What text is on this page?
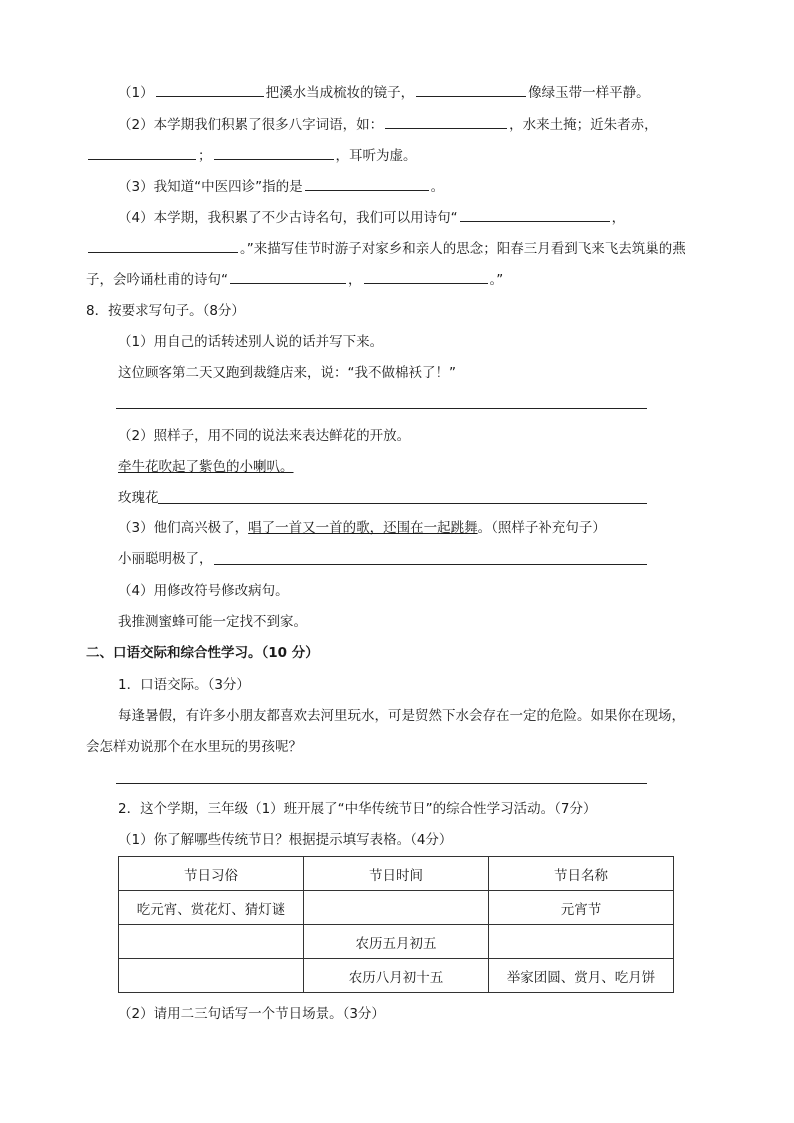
（1）	把溪水当成梳妆的镜子，	像绿玉带一样平静。
（2）本学期我们积累了很多八字词语，如：	，水来土掩；近朱者赤，
；	，耳听为虚。
（3）我知道“中医四诊”指的是	。
（4）本学期，我积累了不少古诗名句，我们可以用诗句“	，
。”来描写佳节时游子对家乡和亲人的思念；阳春三月看到飞来飞去筑巢的燕
子，会吟诵杜甫的诗句“	，	。”
8．按要求写句子。（8分）
（1）用自己的话转述别人说的话并写下来。
这位顾客第二天又跑到裁缝店来，说：“我不做棉袄了！”
（2）照样子，用不同的说法来表达鲜花的开放。
牵牛花吹起了紫色的小喇叭。
玫瑰花
（3）他们高兴极了，唱了一首又一首的歌，还围在一起跳舞。（照样子补充句子）
小丽聪明极了，
（4）用修改符号修改病句。
我推测蜜蜂可能一定找不到家。
二、口语交际和综合性学习。（10 分）
1．口语交际。（3分）
每逢暑假，有许多小朋友都喜欢去河里玩水，可是贸然下水会存在一定的危险。如果你在现场，
会怎样劝说那个在水里玩的男孩呢？
2．这个学期，三年级（1）班开展了“中华传统节日”的综合性学习活动。（7分）
（1）你了解哪些传统节日？根据提示填写表格。（4分）
节日习俗	节日时间	节日名称
吃元宵、赏花灯、猜灯谜		元宵节
	农历五月初五	
	农历八月初十五	举家团圆、赏月、吃月饼
（2）请用二三句话写一个节日场景。（3分）
